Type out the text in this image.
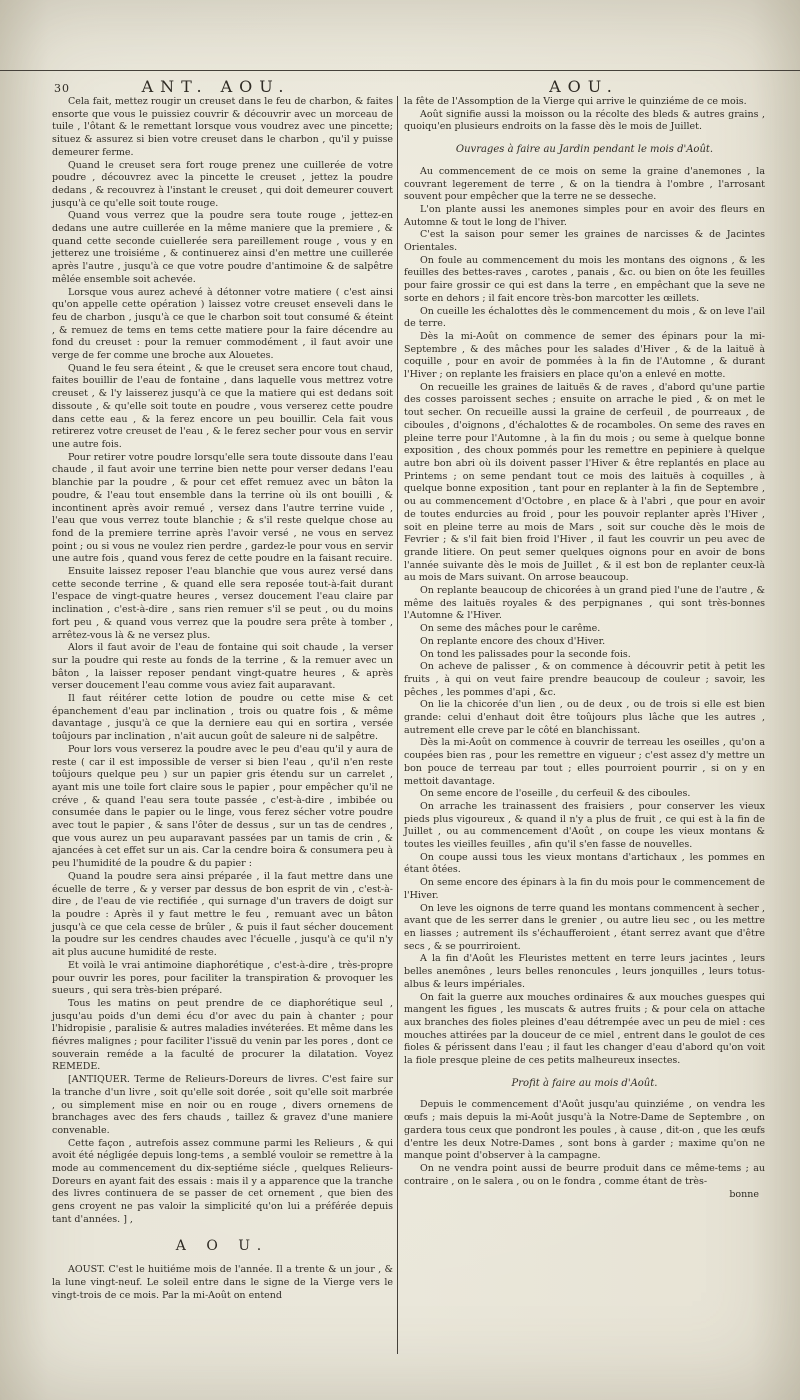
30	ANT. AOU.	AOU.

Cela fait, mettez rougir un creuset dans le feu de charbon, & faites ensorte que vous le puissiez couvrir & découvrir avec un morceau de tuile , l'ôtant & le remettant lorsque vous voudrez avec une pincette; situez & assurez si bien votre creuset dans le charbon , qu'il y puisse demeurer ferme.

Quand le creuset sera fort rouge prenez une cuillerée de votre poudre , découvrez avec la pincette le creuset , jettez la poudre dedans , & recouvrez à l'instant le creuset , qui doit demeurer couvert jusqu'à ce qu'elle soit toute rouge.

Quand vous verrez que la poudre sera toute rouge , jettez-en dedans une autre cuillerée en la même maniere que la premiere , & quand cette seconde cuiellerée sera pareillement rouge , vous y en jetterez une troisiéme , & continuerez ainsi d'en mettre une cuillerée après l'autre , jusqu'à ce que votre poudre d'antimoine & de salpêtre mêlée ensemble soit achevée.

Lorsque vous aurez achevé à détonner votre matiere ( c'est ainsi qu'on appelle cette opération ) laissez votre creuset enseveli dans le feu de charbon , jusqu'à ce que le charbon soit tout consumé & éteint , & remuez de tems en tems cette matiere pour la faire décendre au fond du creuset : pour la remuer commodément , il faut avoir une verge de fer comme une broche aux Alouetes.

Quand le feu sera éteint , & que le creuset sera encore tout chaud, faites bouillir de l'eau de fontaine , dans laquelle vous mettrez votre creuset , & l'y laisserez jusqu'à ce que la matiere qui est dedans soit dissoute , & qu'elle soit toute en poudre , vous verserez cette poudre dans cette eau , & la ferez encore un peu bouillir. Cela fait vous retirerez votre creuset de l'eau , & le ferez secher pour vous en servir une autre fois.

Pour retirer votre poudre lorsqu'elle sera toute dissoute dans l'eau chaude , il faut avoir une terrine bien nette pour verser dedans l'eau blanchie par la poudre , & pour cet effet remuez avec un bâton la poudre, & l'eau tout ensemble dans la terrine où ils ont bouilli , & incontinent après avoir remué , versez dans l'autre terrine vuide , l'eau que vous verrez toute blanchie ; & s'il reste quelque chose au fond de la premiere terrine après l'avoir versé , ne vous en servez point ; ou si vous ne voulez rien perdre , gardez-le pour vous en servir une autre fois , quand vous ferez de cette poudre en la faisant recuire.

Ensuite laissez reposer l'eau blanchie que vous aurez versé dans cette seconde terrine , & quand elle sera reposée tout-à-fait durant l'espace de vingt-quatre heures , versez doucement l'eau claire par inclination , c'est-à-dire , sans rien remuer s'il se peut , ou du moins fort peu , & quand vous verrez que la poudre sera prête à tomber , arrêtez-vous là & ne versez plus.

Alors il faut avoir de l'eau de fontaine qui soit chaude , la verser sur la poudre qui reste au fonds de la terrine , & la remuer avec un bâton , la laisser reposer pendant vingt-quatre heures , & après verser doucement l'eau comme vous aviez fait auparavant.

Il faut réitérer cette lotion de poudre ou cette mise & cet épanchement d'eau par inclination , trois ou quatre fois , & même davantage , jusqu'à ce que la derniere eau qui en sortira , versée toûjours par inclination , n'ait aucun goût de saleure ni de salpêtre.

Pour lors vous verserez la poudre avec le peu d'eau qu'il y aura de reste ( car il est impossible de verser si bien l'eau , qu'il n'en reste toûjours quelque peu ) sur un papier gris étendu sur un carrelet , ayant mis une toile fort claire sous le papier , pour empêcher qu'il ne créve , & quand l'eau sera toute passée , c'est-à-dire , imbibée ou consumée dans le papier ou le linge, vous ferez sécher votre poudre avec tout le papier , & sans l'ôter de dessus , sur un tas de cendres , que vous aurez un peu auparavant passées par un tamis de crin , & ajancées à cet effet sur un ais. Car la cendre boira & consumera peu à peu l'humidité de la poudre & du papier :

Quand la poudre sera ainsi préparée , il la faut mettre dans une écuelle de terre , & y verser par dessus de bon esprit de vin , c'est-à-dire , de l'eau de vie rectifiée , qui surnage d'un travers de doigt sur la poudre : Après il y faut mettre le feu , remuant avec un bâton jusqu'à ce que cela cesse de brûler , & puis il faut sécher doucement la poudre sur les cendres chaudes avec l'écuelle , jusqu'à ce qu'il n'y ait plus aucune humidité de reste.

Et voilà le vrai antimoine diaphorétique , c'est-à-dire , très-propre pour ouvrir les pores, pour faciliter la transpiration & provoquer les sueurs , qui sera très-bien préparé.

Tous les matins on peut prendre de ce diaphorétique seul , jusqu'au poids d'un demi écu d'or avec du pain à chanter ; pour l'hidropisie , paralisie & autres maladies invéterées. Et même dans les fiévres malignes ; pour faciliter l'issuë du venin par les pores , dont ce souverain reméde a la faculté de procurer la dilatation. Voyez REMEDE.

[ANTIQUER. Terme de Relieurs-Doreurs de livres. C'est faire sur la tranche d'un livre , soit qu'elle soit dorée , soit qu'elle soit marbrée , ou simplement mise en noir ou en rouge , divers ornemens de branchages avec des fers chauds , taillez & gravez d'une maniere convenable.

Cette façon , autrefois assez commune parmi les Relieurs , & qui avoit été négligée depuis long-tems , a semblé vouloir se remettre à la mode au commencement du dix-septiéme siécle , quelques Relieurs-Doreurs en ayant fait des essais : mais il y a apparence que la tranche des livres continuera de se passer de cet ornement , que bien des gens croyent ne pas valoir la simplicité qu'on lui a préférée depuis tant d'années. ] ,

A O U.

AOUST. C'est le huitiéme mois de l'année. Il a trente & un jour , & la lune vingt-neuf. Le soleil entre dans le signe de la Vierge vers le vingt-trois de ce mois. Par la mi-Août on entend

la fête de l'Assomption de la Vierge qui arrive le quinziéme de ce mois.

Août signifie aussi la moisson ou la récolte des bleds & autres grains , quoiqu'en plusieurs endroits on la fasse dès le mois de Juillet.

Ouvrages à faire au Jardin pendant le mois d'Août.

Au commencement de ce mois on seme la graine d'anemones , la couvrant legerement de terre , & on la tiendra à l'ombre , l'arrosant souvent pour empêcher que la terre ne se desseche.

L'on plante aussi les anemones simples pour en avoir des fleurs en Automne & tout le long de l'hiver.

C'est la saison pour semer les graines de narcisses & de Jacintes Orientales.

On foule au commencement du mois les montans des oignons , & les feuilles des bettes-raves , carotes , panais , &c. ou bien on ôte les feuilles pour faire grossir ce qui est dans la terre , en empêchant que la seve ne sorte en dehors ; il fait encore très-bon marcotter les œillets.

On cueille les échalottes dès le commencement du mois , & on leve l'ail de terre.

Dès la mi-Août on commence de semer des épinars pour la mi-Septembre , & des mâches pour les salades d'Hiver , & de la laituë à coquille , pour en avoir de pommées à la fin de l'Automne , & durant l'Hiver ; on replante les fraisiers en place qu'on a enlevé en motte.

On recueille les graines de laituës & de raves , d'abord qu'une partie des cosses paroissent seches ; ensuite on arrache le pied , & on met le tout secher. On recueille aussi la graine de cerfeuil , de pourreaux , de ciboules , d'oignons , d'échalottes & de rocamboles. On seme des raves en pleine terre pour l'Automne , à la fin du mois ; ou seme à quelque bonne exposition , des choux pommés pour les remettre en pepiniere à quelque autre bon abri où ils doivent passer l'Hiver & être replantés en place au Printems ; on seme pendant tout ce mois des laituës à coquilles , à quelque bonne exposition , tant pour en replanter à la fin de Septembre , ou au commencement d'Octobre , en place & à l'abri , que pour en avoir de toutes endurcies au froid , pour les pouvoir replanter après l'Hiver , soit en pleine terre au mois de Mars , soit sur couche dès le mois de Fevrier ; & s'il fait bien froid l'Hiver , il faut les couvrir un peu avec de grande litiere. On peut semer quelques oignons pour en avoir de bons l'année suivante dès le mois de Juillet , & il est bon de replanter ceux-là au mois de Mars suivant. On arrose beaucoup.

On replante beaucoup de chicorées à un grand pied l'une de l'autre , & même des laituës royales & des perpignanes , qui sont très-bonnes l'Automne & l'Hiver.

On seme des mâches pour le carême.

On replante encore des choux d'Hiver.

On tond les palissades pour la seconde fois.

On acheve de palisser , & on commence à découvrir petit à petit les fruits , à qui on veut faire prendre beaucoup de couleur ; savoir, les pêches , les pommes d'api , &c.

On lie la chicorée d'un lien , ou de deux , ou de trois si elle est bien grande: celui d'enhaut doit être toûjours plus lâche que les autres , autrement elle creve par le côté en blanchissant.

Dès la mi-Août on commence à couvrir de terreau les oseilles , qu'on a coupées bien ras , pour les remettre en vigueur ; c'est assez d'y mettre un bon pouce de terreau par tout ; elles pourroient pourrir , si on y en mettoit davantage.

On seme encore de l'oseille , du cerfeuil & des ciboules.

On arrache les trainassent des fraisiers , pour conserver les vieux pieds plus vigoureux , & quand il n'y a plus de fruit , ce qui est à la fin de Juillet , ou au commencement d'Août , on coupe les vieux montans & toutes les vieilles feuilles , afin qu'il s'en fasse de nouvelles.

On coupe aussi tous les vieux montans d'artichaux , les pommes en étant ôtées.

On seme encore des épinars à la fin du mois pour le commencement de l'Hiver.

On leve les oignons de terre quand les montans commencent à secher , avant que de les serrer dans le grenier , ou autre lieu sec , ou les mettre en liasses ; autrement ils s'échaufferoient , étant serrez avant que d'être secs , & se pourriroient.

A la fin d'Août les Fleuristes mettent en terre leurs jacintes , leurs belles anemônes , leurs belles renoncules , leurs jonquilles , leurs totus-albus & leurs impériales.

On fait la guerre aux mouches ordinaires & aux mouches guespes qui mangent les figues , les muscats & autres fruits ; & pour cela on attache aux branches des fioles pleines d'eau détrempée avec un peu de miel : ces mouches attirées par la douceur de ce miel , entrent dans le goulot de ces fioles & périssent dans l'eau ; il faut les changer d'eau d'abord qu'on voit la fiole presque pleine de ces petits malheureux insectes.

Profit à faire au mois d'Août.

Depuis le commencement d'Août jusqu'au quinziéme , on vendra les œufs ; mais depuis la mi-Août jusqu'à la Notre-Dame de Septembre , on gardera tous ceux que pondront les poules , à cause , dit-on , que les œufs d'entre les deux Notre-Dames , sont bons à garder ; maxime qu'on ne manque point d'observer à la campagne.

On ne vendra point aussi de beurre produit dans ce même-tems ; au contraire , on le salera , ou on le fondra , comme étant de très-

bonne
